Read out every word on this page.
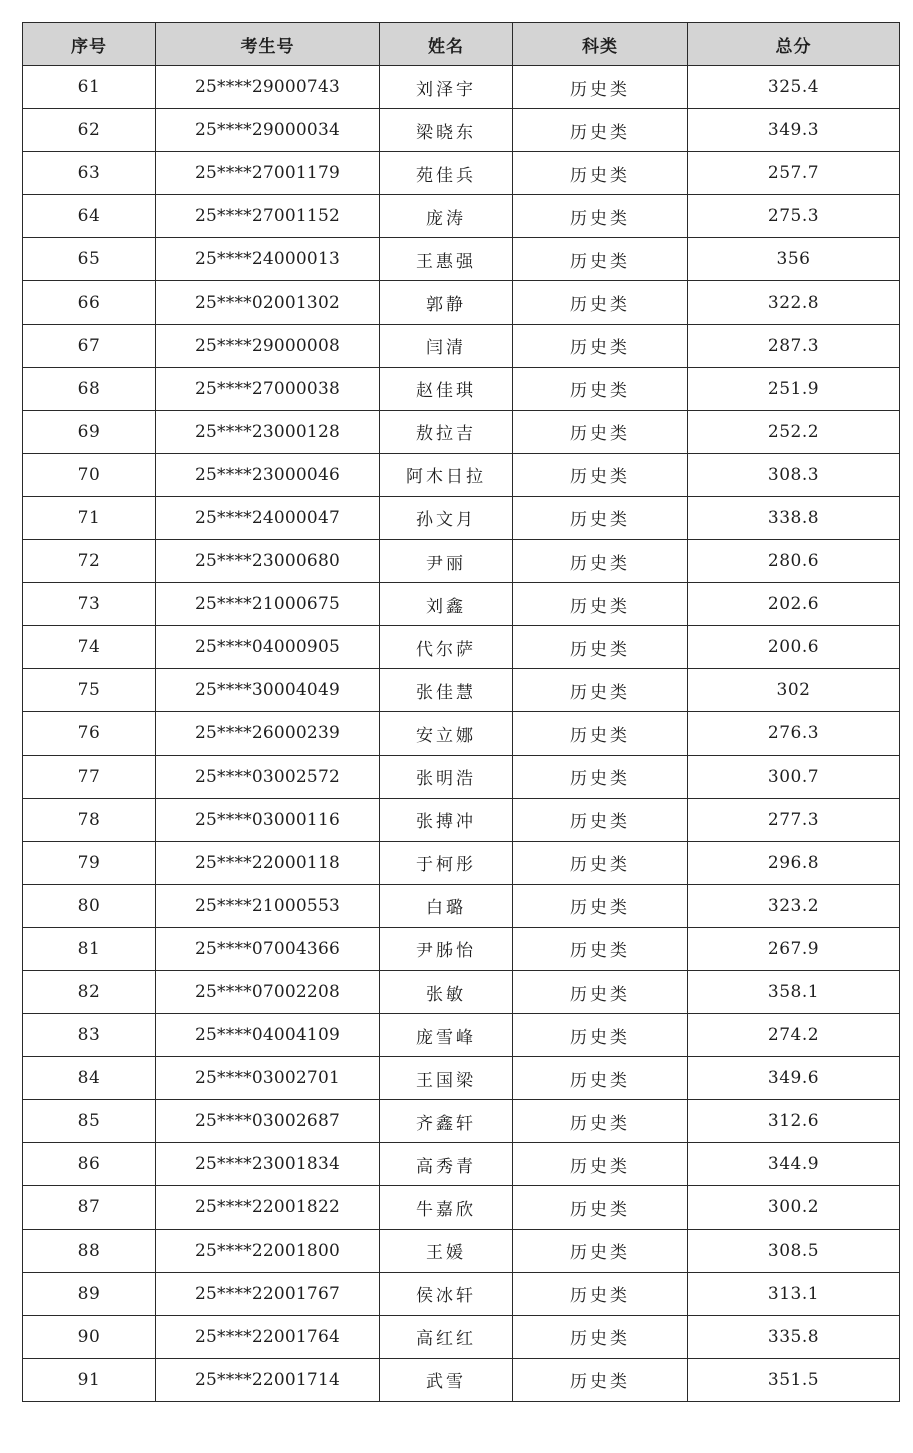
序号	考生号	姓名	科类	总分
61	25****29000743	刘泽宇	历史类	325.4
62	25****29000034	梁晓东	历史类	349.3
63	25****27001179	苑佳兵	历史类	257.7
64	25****27001152	庞涛	历史类	275.3
65	25****24000013	王惠强	历史类	356
66	25****02001302	郭静	历史类	322.8
67	25****29000008	闫清	历史类	287.3
68	25****27000038	赵佳琪	历史类	251.9
69	25****23000128	敖拉吉	历史类	252.2
70	25****23000046	阿木日拉	历史类	308.3
71	25****24000047	孙文月	历史类	338.8
72	25****23000680	尹丽	历史类	280.6
73	25****21000675	刘鑫	历史类	202.6
74	25****04000905	代尔萨	历史类	200.6
75	25****30004049	张佳慧	历史类	302
76	25****26000239	安立娜	历史类	276.3
77	25****03002572	张明浩	历史类	300.7
78	25****03000116	张搏冲	历史类	277.3
79	25****22000118	于柯彤	历史类	296.8
80	25****21000553	白璐	历史类	323.2
81	25****07004366	尹胏怡	历史类	267.9
82	25****07002208	张敏	历史类	358.1
83	25****04004109	庞雪峰	历史类	274.2
84	25****03002701	王国梁	历史类	349.6
85	25****03002687	齐鑫轩	历史类	312.6
86	25****23001834	高秀青	历史类	344.9
87	25****22001822	牛嘉欣	历史类	300.2
88	25****22001800	王媛	历史类	308.5
89	25****22001767	侯冰轩	历史类	313.1
90	25****22001764	高红红	历史类	335.8
91	25****22001714	武雪	历史类	351.5
